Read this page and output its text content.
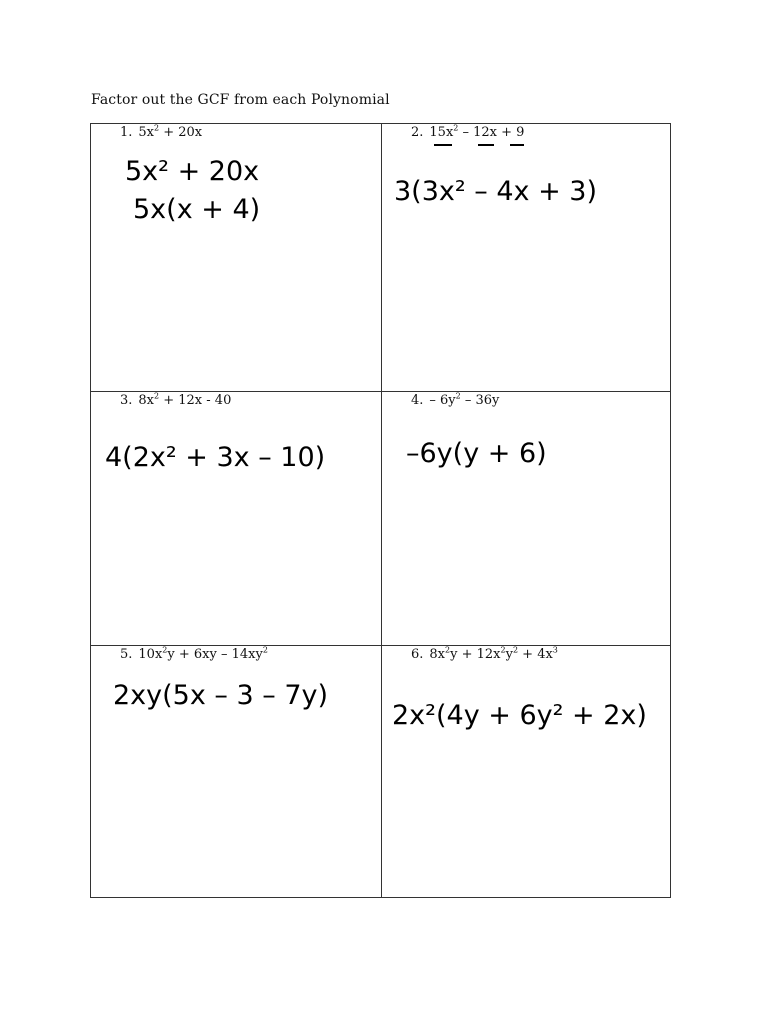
Factor out the GCF from each Polynomial
1. $5x^2 + 20x$
5x² + 20x
5x(x + 4)
2. $15x^2 - 12x + 9$
3(3x² – 4x + 3)
3. $8x^2 + 12x - 40$
4(2x² + 3x – 10)
4. – $6y^2 - 36y$
–6y(y + 6)
5. $10x^2y + 6xy - 14xy^2$
2xy(5x – 3 – 7y)
6. $8x^2y + 12x^2y^2 + 4x^3$
2x²(4y + 6y² + 2x)
